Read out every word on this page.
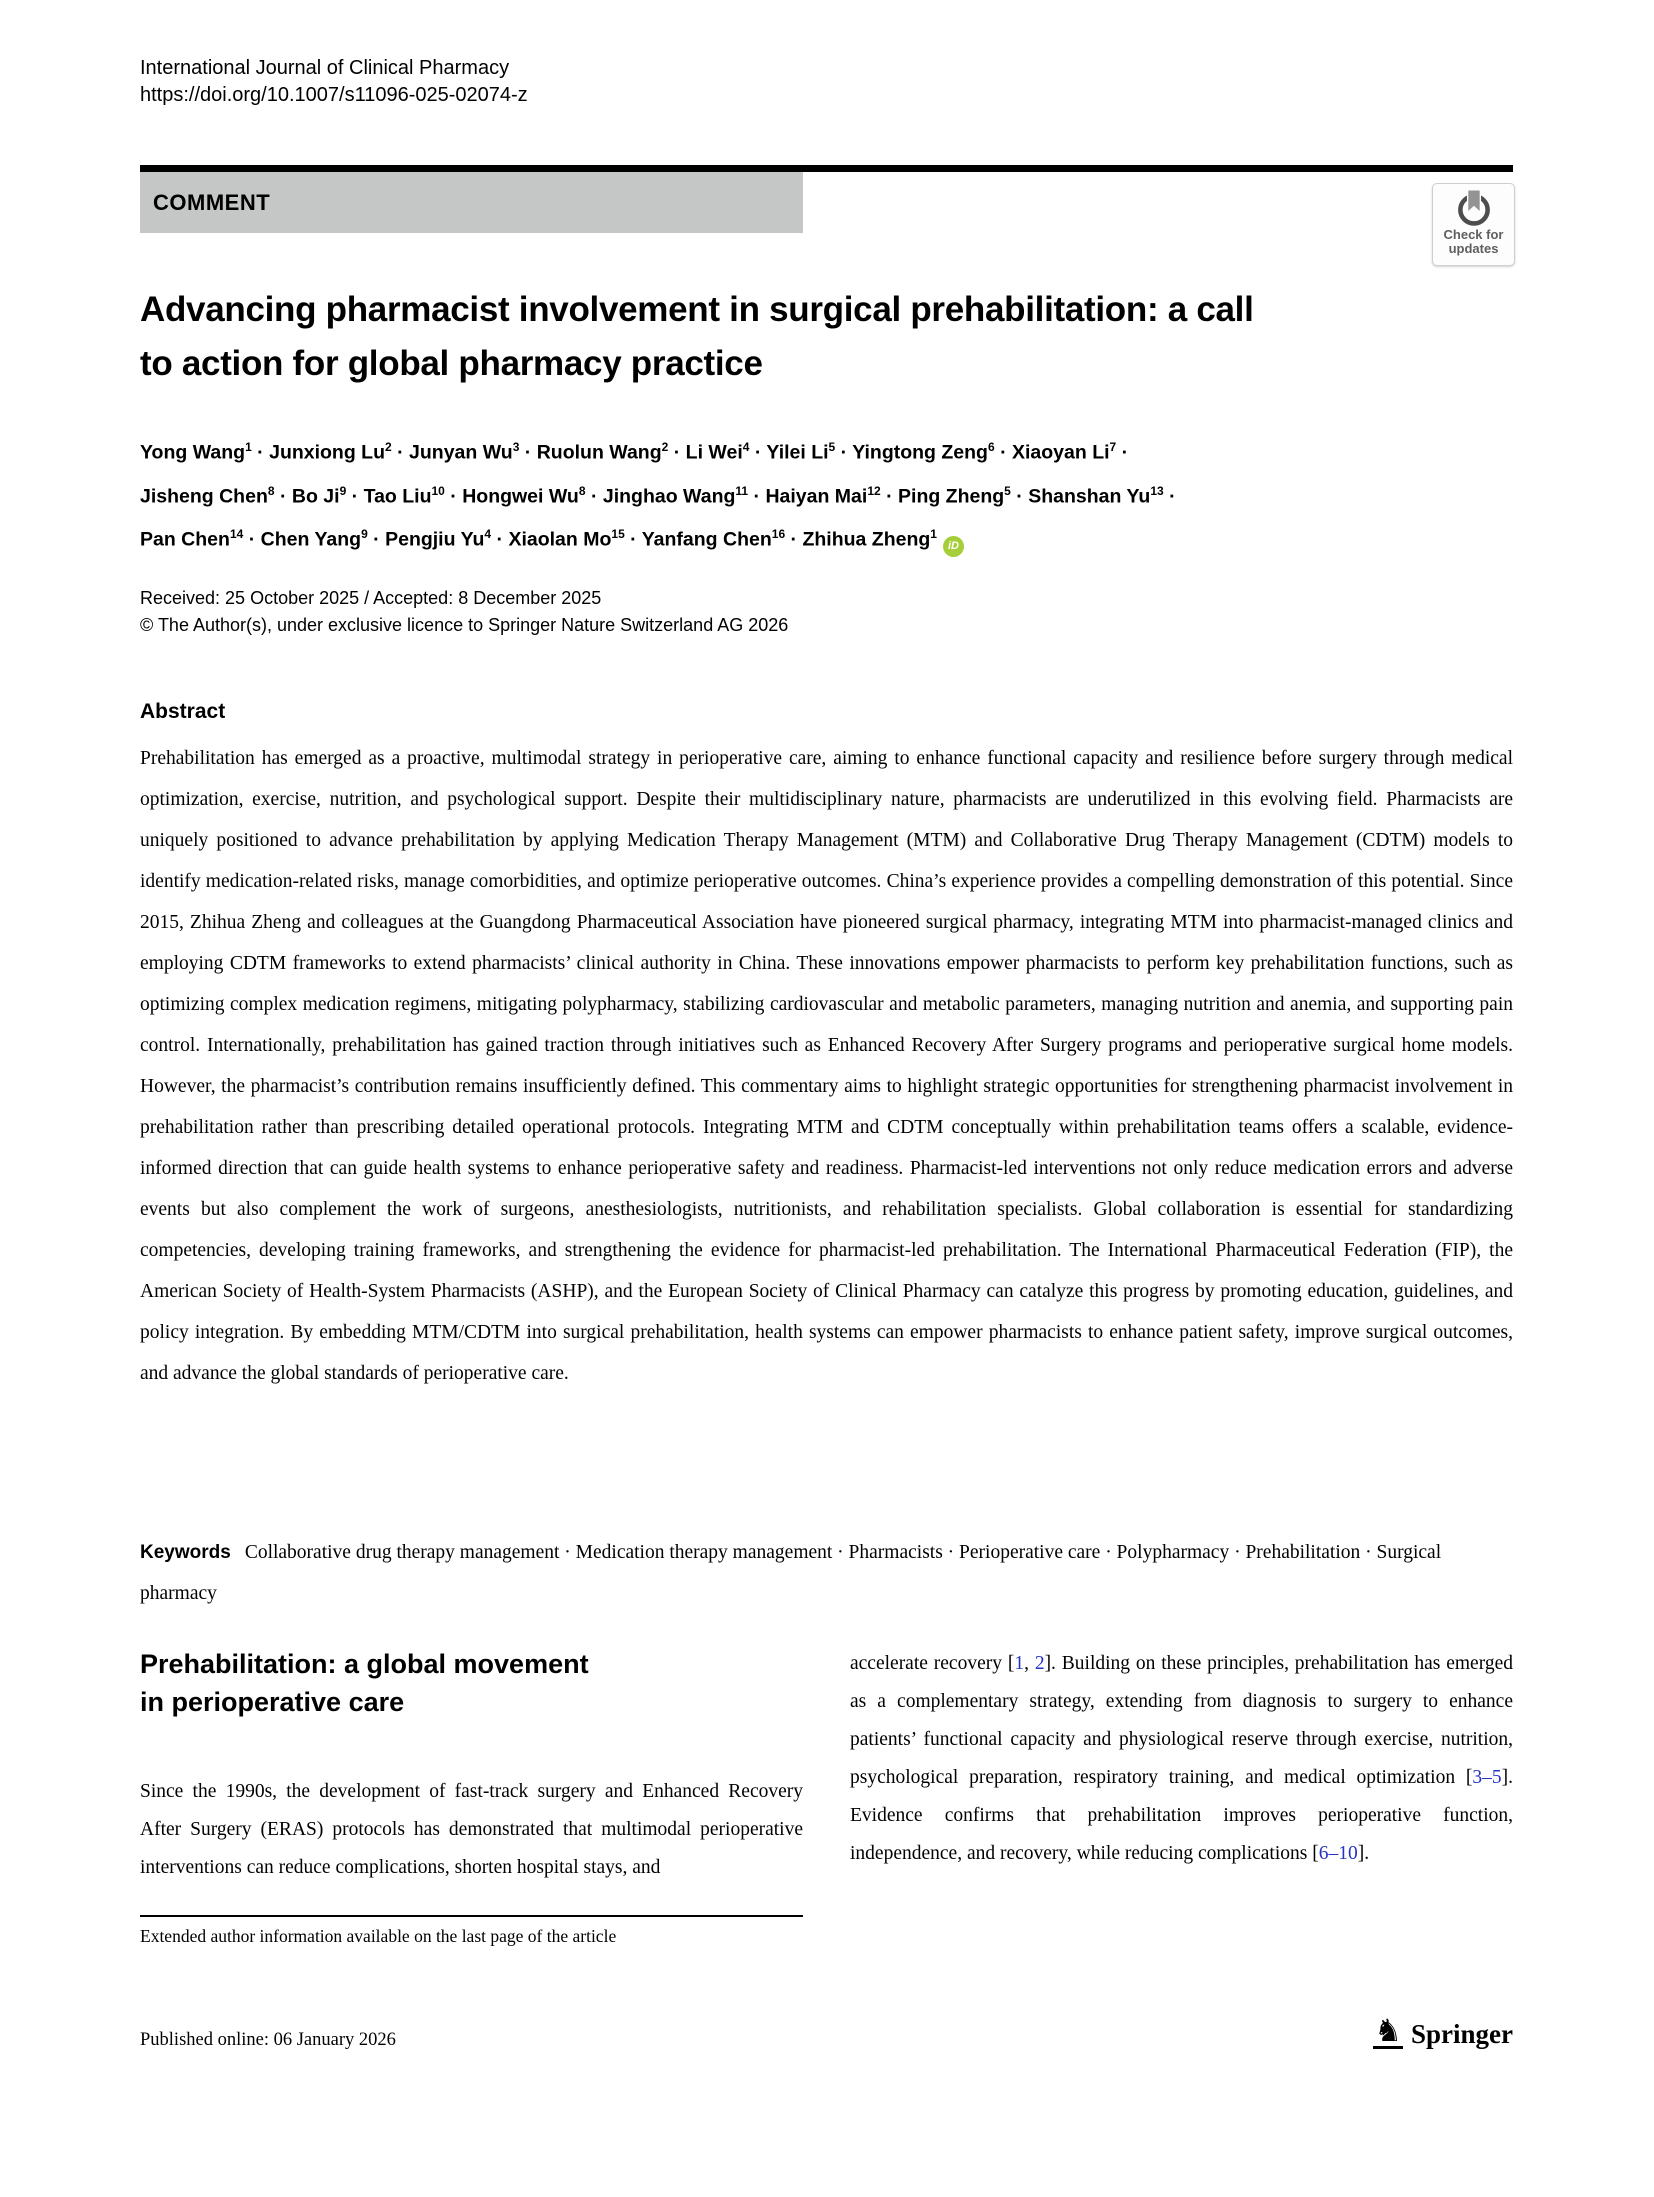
International Journal of Clinical Pharmacy
https://doi.org/10.1007/s11096-025-02074-z
COMMENT
Check for
updates
Advancing pharmacist involvement in surgical prehabilitation: a call
to action for global pharmacy practice
Yong Wang$^1$ · Junxiong $Lu^2$ · Junyan $Wu^3$ · Ruolun Wang$^2$ · Li Wei$^4$ · Yilei $Li^5$ · Yingtong Zeng$^6$ · Xiaoyan $Li^7$ ·
Jisheng Chen$^8$ · Bo $Ji^9$ · Tao Liu$^{10}$ · Hongwei $Wu^8$ · Jinghao Wang$^{11}$ · Haiyan Mai$^{12}$ · Ping Zheng$^5$ · Shanshan $Yu^{13}$ ·
Pan Chen$^{14}$ · Chen Yang$^9$ · Pengjiu $Yu^4$ · Xiaolan $Mo^{15}$ · Yanfang Chen$^{16}$ · Zhihua Zheng$^1$iD
Received: 25 October 2025 / Accepted: 8 December 2025
© The Author(s), under exclusive licence to Springer Nature Switzerland AG 2026
Abstract
Prehabilitation has emerged as a proactive, multimodal strategy in perioperative care, aiming to enhance functional capacity and resilience before surgery through medical optimization, exercise, nutrition, and psychological support. Despite their multidisciplinary nature, pharmacists are underutilized in this evolving field. Pharmacists are uniquely positioned to advance prehabilitation by applying Medication Therapy Management (MTM) and Collaborative Drug Therapy Management (CDTM) models to identify medication-related risks, manage comorbidities, and optimize perioperative outcomes. China’s experience provides a compelling demonstration of this potential. Since 2015, Zhihua Zheng and colleagues at the Guangdong Pharmaceutical Association have pioneered surgical pharmacy, integrating MTM into pharmacist-managed clinics and employing CDTM frameworks to extend pharmacists’ clinical authority in China. These innovations empower pharmacists to perform key prehabilitation functions, such as optimizing complex medication regimens, mitigating polypharmacy, stabilizing cardiovascular and metabolic parameters, managing nutrition and anemia, and supporting pain control. Internationally, prehabilitation has gained traction through initiatives such as Enhanced Recovery After Surgery programs and perioperative surgical home models. However, the pharmacist’s contribution remains insufficiently defined. This commentary aims to highlight strategic opportunities for strengthening pharmacist involvement in prehabilitation rather than prescribing detailed operational protocols. Integrating MTM and CDTM conceptually within prehabilitation teams offers a scalable, evidence-informed direction that can guide health systems to enhance perioperative safety and readiness. Pharmacist-led interventions not only reduce medication errors and adverse events but also complement the work of surgeons, anesthesiologists, nutritionists, and rehabilitation specialists. Global collaboration is essential for standardizing competencies, developing training frameworks, and strengthening the evidence for pharmacist-led prehabilitation. The International Pharmaceutical Federation (FIP), the American Society of Health-System Pharmacists (ASHP), and the European Society of Clinical Pharmacy can catalyze this progress by promoting education, guidelines, and policy integration. By embedding MTM/CDTM into surgical prehabilitation, health systems can empower pharmacists to enhance patient safety, improve surgical outcomes, and advance the global standards of perioperative care.
Keywords Collaborative drug therapy management · Medication therapy management · Pharmacists · Perioperative care · Polypharmacy · Prehabilitation · Surgical pharmacy
Prehabilitation: a global movement
in perioperative care
Since the 1990s, the development of fast-track surgery and Enhanced Recovery After Surgery (ERAS) protocols has demonstrated that multimodal perioperative interventions can reduce complications, shorten hospital stays, and
Extended author information available on the last page of the article
accelerate recovery [1, 2]. Building on these principles, prehabilitation has emerged as a complementary strategy, extending from diagnosis to surgery to enhance patients’ functional capacity and physiological reserve through exercise, nutrition, psychological preparation, respiratory training, and medical optimization [3–5]. Evidence confirms that prehabilitation improves perioperative function, independence, and recovery, while reducing complications [6–10].
Published online: 06 January 2026	♞ Springer
